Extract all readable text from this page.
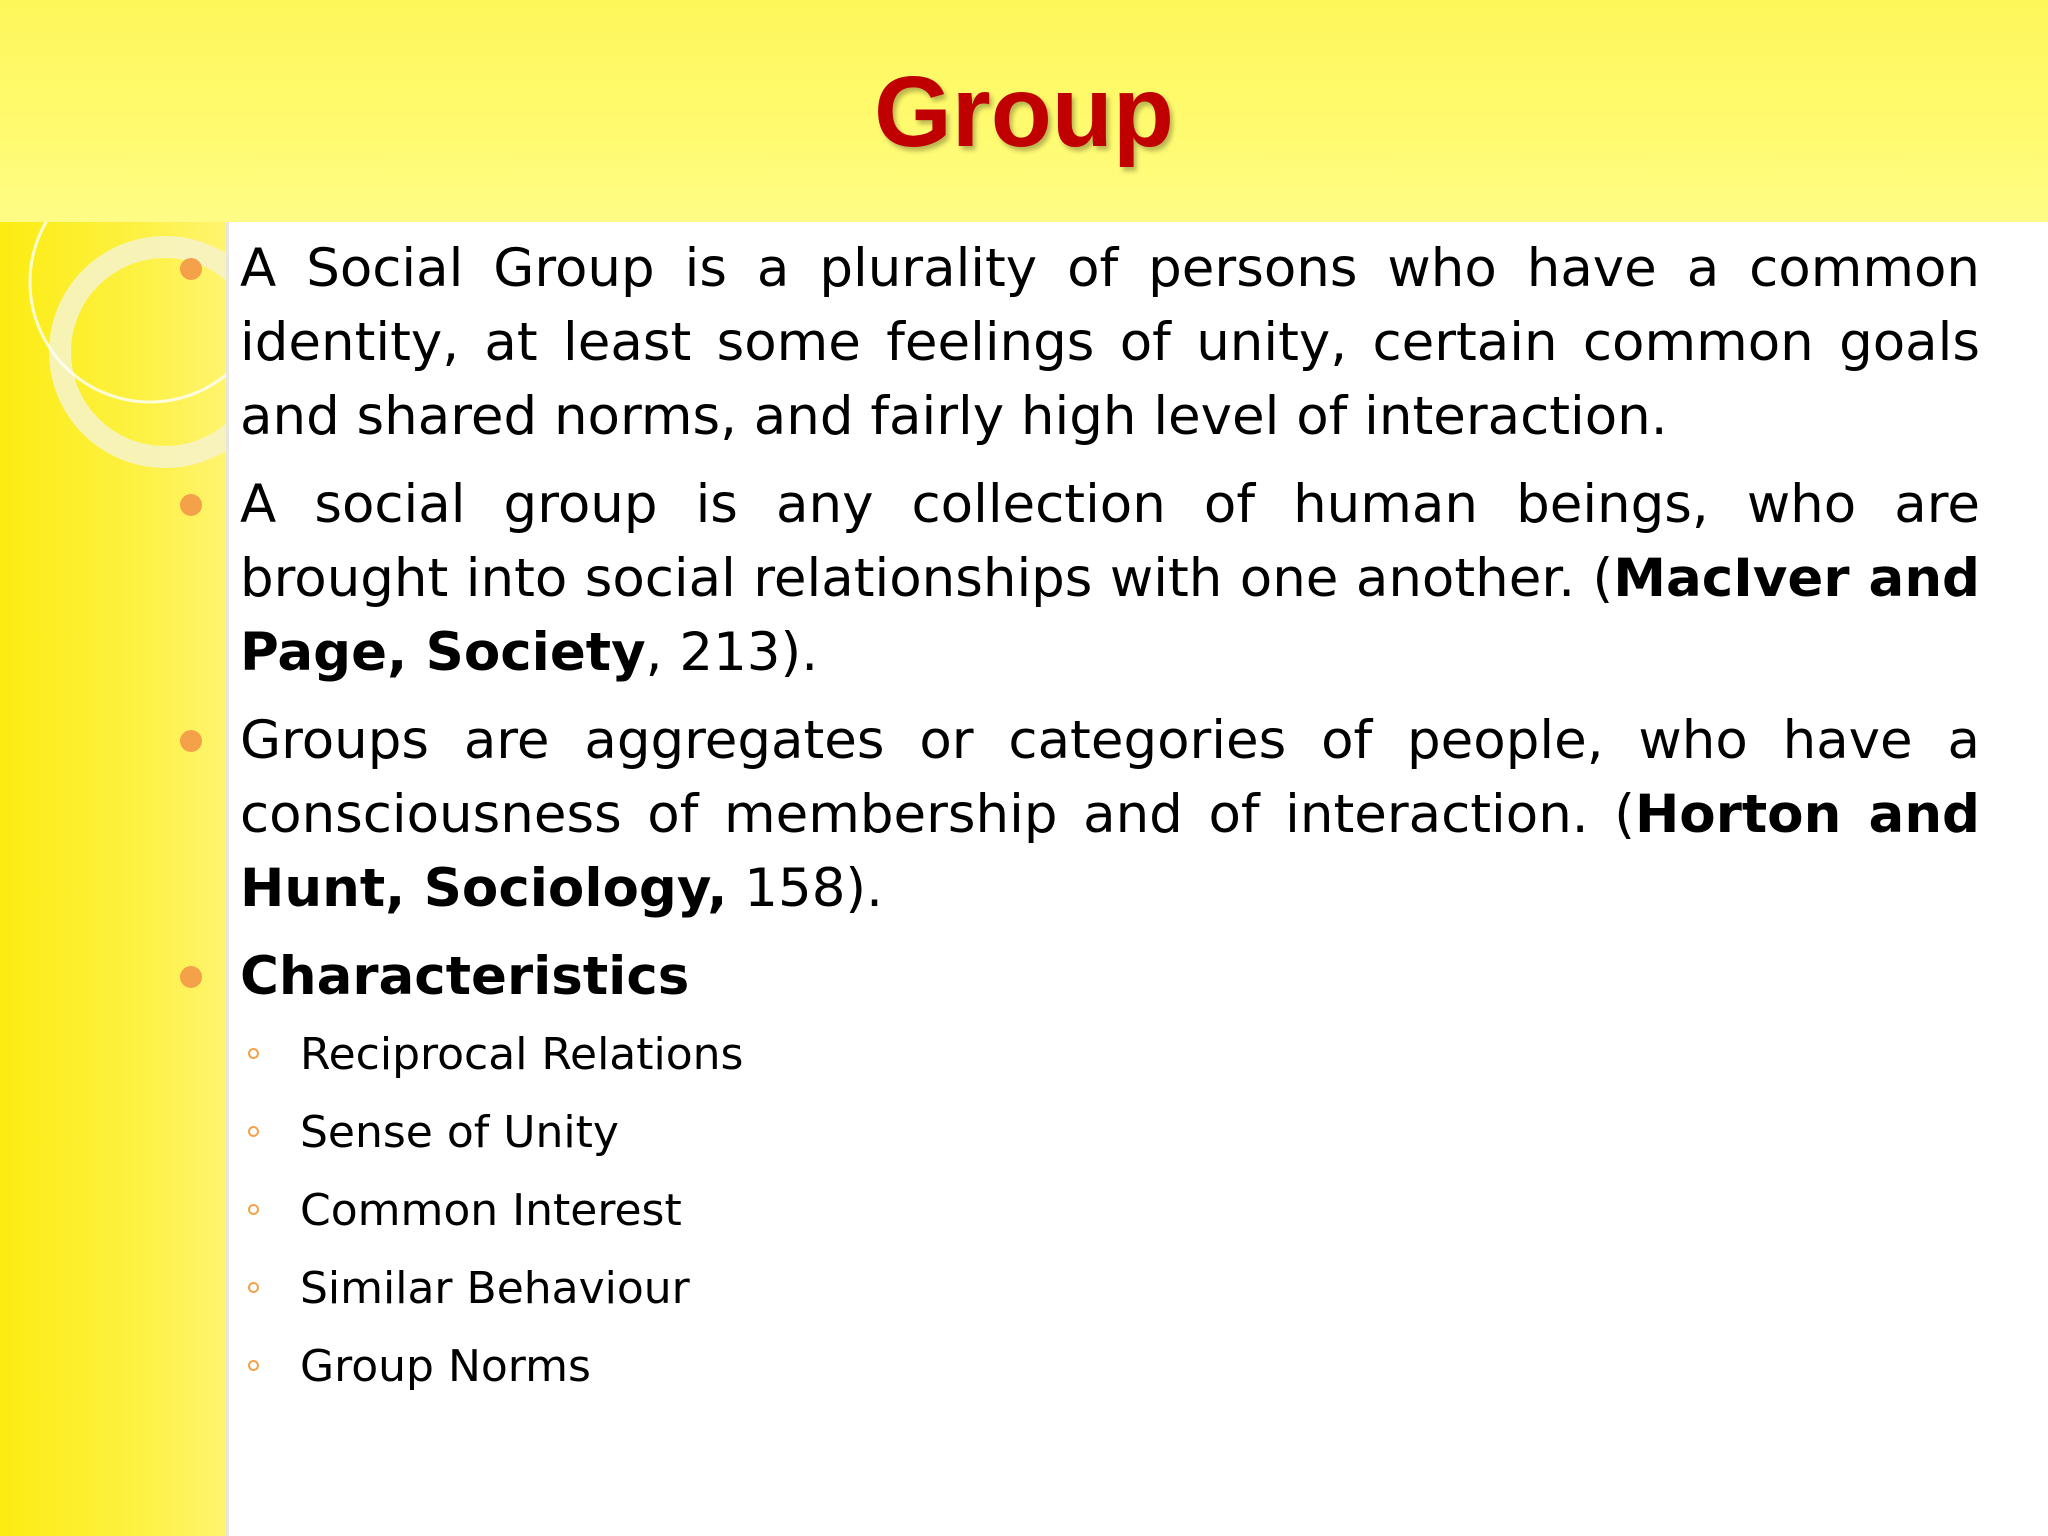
Group
A Social Group is a plurality of persons who have a common identity, at least some feelings of unity, certain common goals and shared norms, and fairly high level of interaction.
A social group is any collection of human beings, who are brought into social relationships with one another. (MacIver and Page, Society, 213).
Groups are aggregates or categories of people, who have a consciousness of membership and of interaction. (Horton and Hunt, Sociology, 158).
Characteristics
Reciprocal Relations
Sense of Unity
Common Interest
Similar Behaviour
Group Norms
